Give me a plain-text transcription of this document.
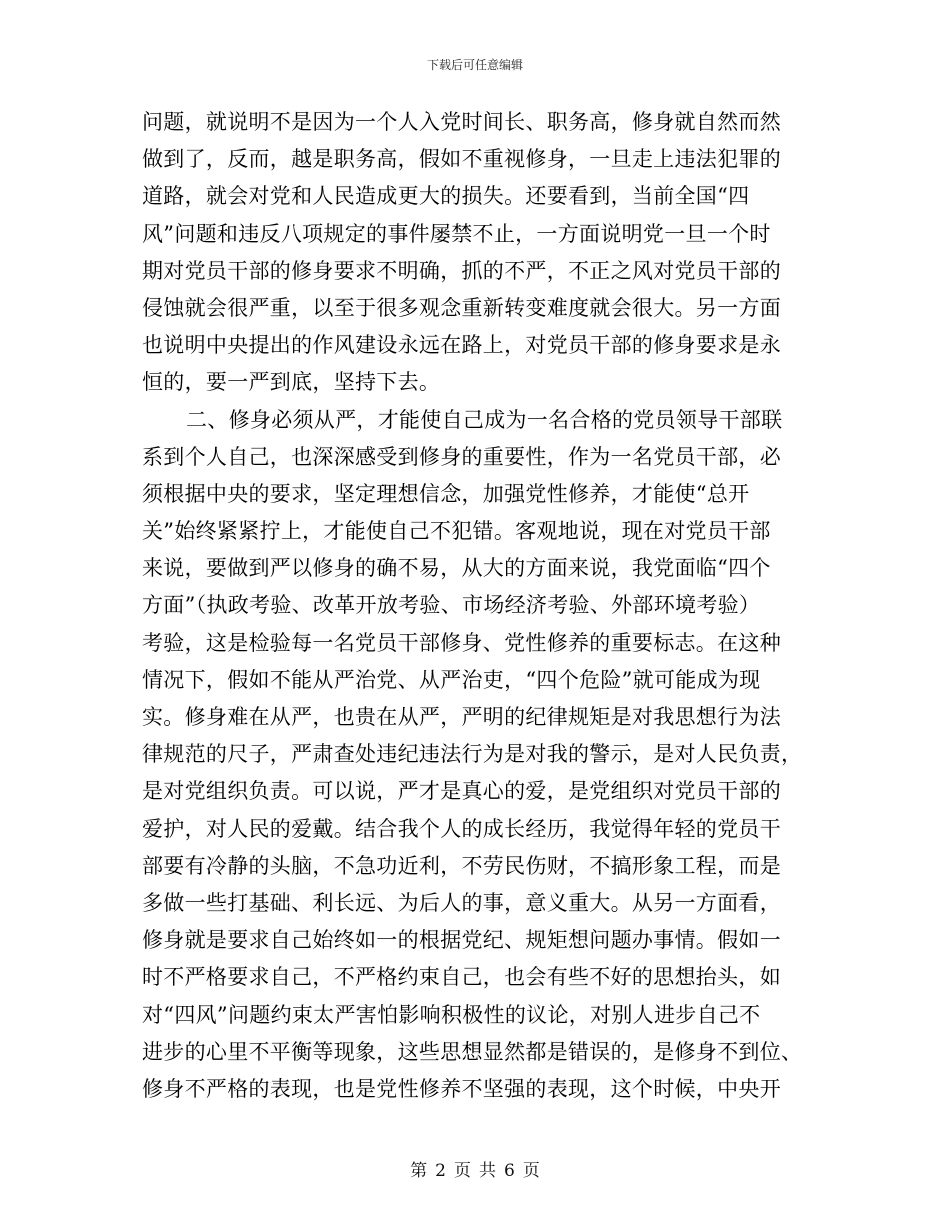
下载后可任意编辑
问题，就说明不是因为一个人入党时间长、职务高，修身就自然而然
做到了，反而，越是职务高，假如不重视修身，一旦走上违法犯罪的
道路，就会对党和人民造成更大的损失。还要看到，当前全国“四
风”问题和违反八项规定的事件屡禁不止，一方面说明党一旦一个时
期对党员干部的修身要求不明确，抓的不严，不正之风对党员干部的
侵蚀就会很严重，以至于很多观念重新转变难度就会很大。另一方面
也说明中央提出的作风建设永远在路上，对党员干部的修身要求是永
恒的，要一严到底，坚持下去。
二、修身必须从严，才能使自己成为一名合格的党员领导干部联
系到个人自己，也深深感受到修身的重要性，作为一名党员干部，必
须根据中央的要求，坚定理想信念，加强党性修养，才能使“总开
关”始终紧紧拧上，才能使自己不犯错。客观地说，现在对党员干部
来说，要做到严以修身的确不易，从大的方面来说，我党面临“四个
方面”（执政考验、改革开放考验、市场经济考验、外部环境考验）
考验，这是检验每一名党员干部修身、党性修养的重要标志。在这种
情况下，假如不能从严治党、从严治吏，“四个危险”就可能成为现
实。修身难在从严，也贵在从严，严明的纪律规矩是对我思想行为法
律规范的尺子，严肃查处违纪违法行为是对我的警示，是对人民负责，
是对党组织负责。可以说，严才是真心的爱，是党组织对党员干部的
爱护，对人民的爱戴。结合我个人的成长经历，我觉得年轻的党员干
部要有冷静的头脑，不急功近利，不劳民伤财，不搞形象工程，而是
多做一些打基础、利长远、为后人的事，意义重大。从另一方面看，
修身就是要求自己始终如一的根据党纪、规矩想问题办事情。假如一
时不严格要求自己，不严格约束自己，也会有些不好的思想抬头，如
对“四风”问题约束太严害怕影响积极性的议论，对别人进步自己不
进步的心里不平衡等现象，这些思想显然都是错误的，是修身不到位、
修身不严格的表现，也是党性修养不坚强的表现，这个时候，中央开
第 2 页 共 6 页
